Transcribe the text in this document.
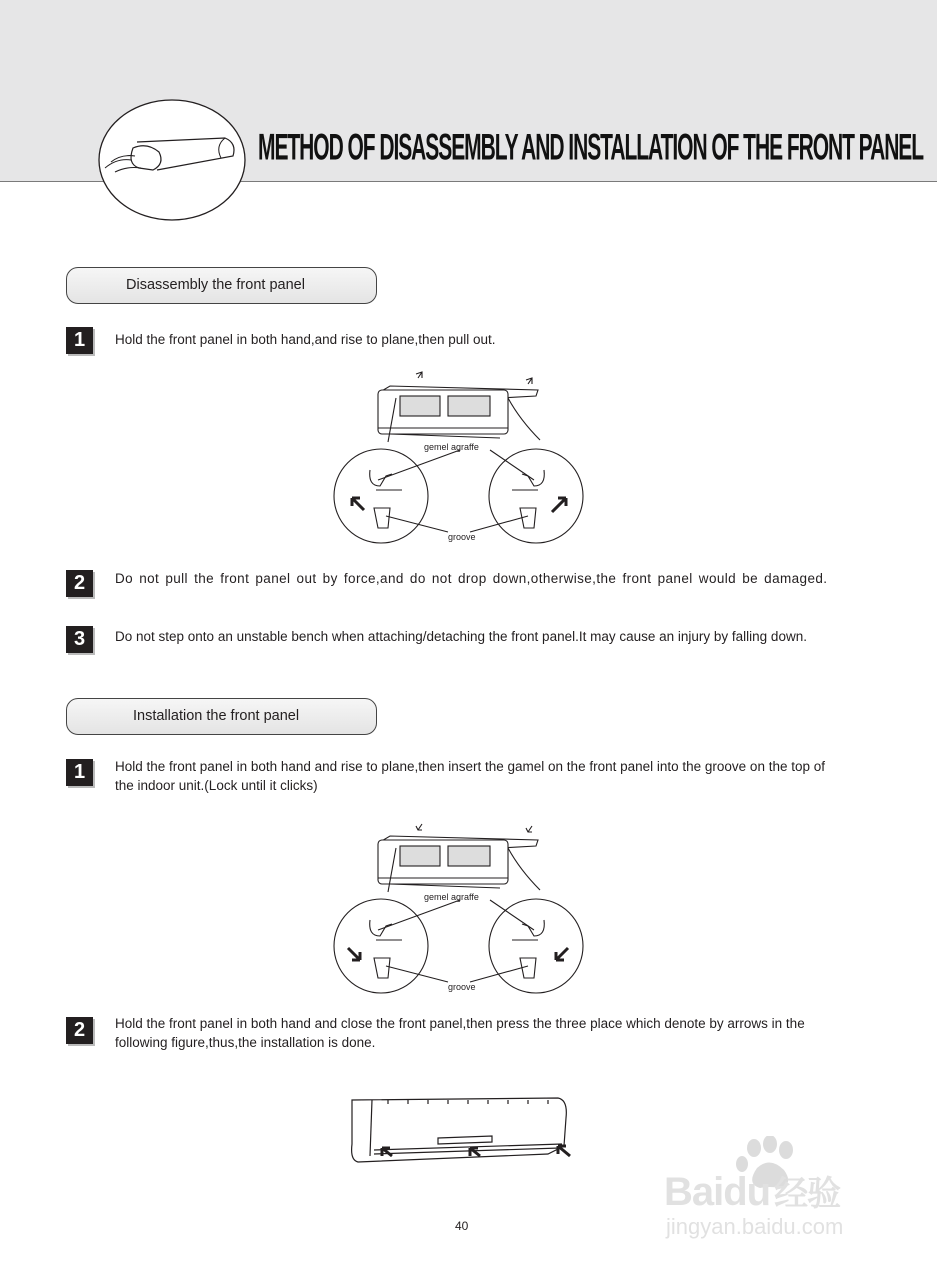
METHOD OF DISASSEMBLY AND INSTALLATION OF THE FRONT PANEL
Disassembly the front panel
1	Hold the front panel in both hand,and rise to plane,then pull out.
gemel agraffe
groove
2	Do not pull the front panel out by force,and do not drop down,otherwise,the front panel would be damaged.
3	Do not step onto an unstable bench when attaching/detaching the front panel.It may cause an injury by falling down.
Installation the front panel
1	Hold the front panel in both hand and rise to plane,then insert the gamel on the front panel into the groove on the top of the indoor unit.(Lock until it clicks)
gemel agraffe
groove
2	Hold the front panel in both hand and close the front panel,then press the three place which denote by arrows in the following figure,thus,the installation is done.
40
Baidu 经验
jingyan.baidu.com
